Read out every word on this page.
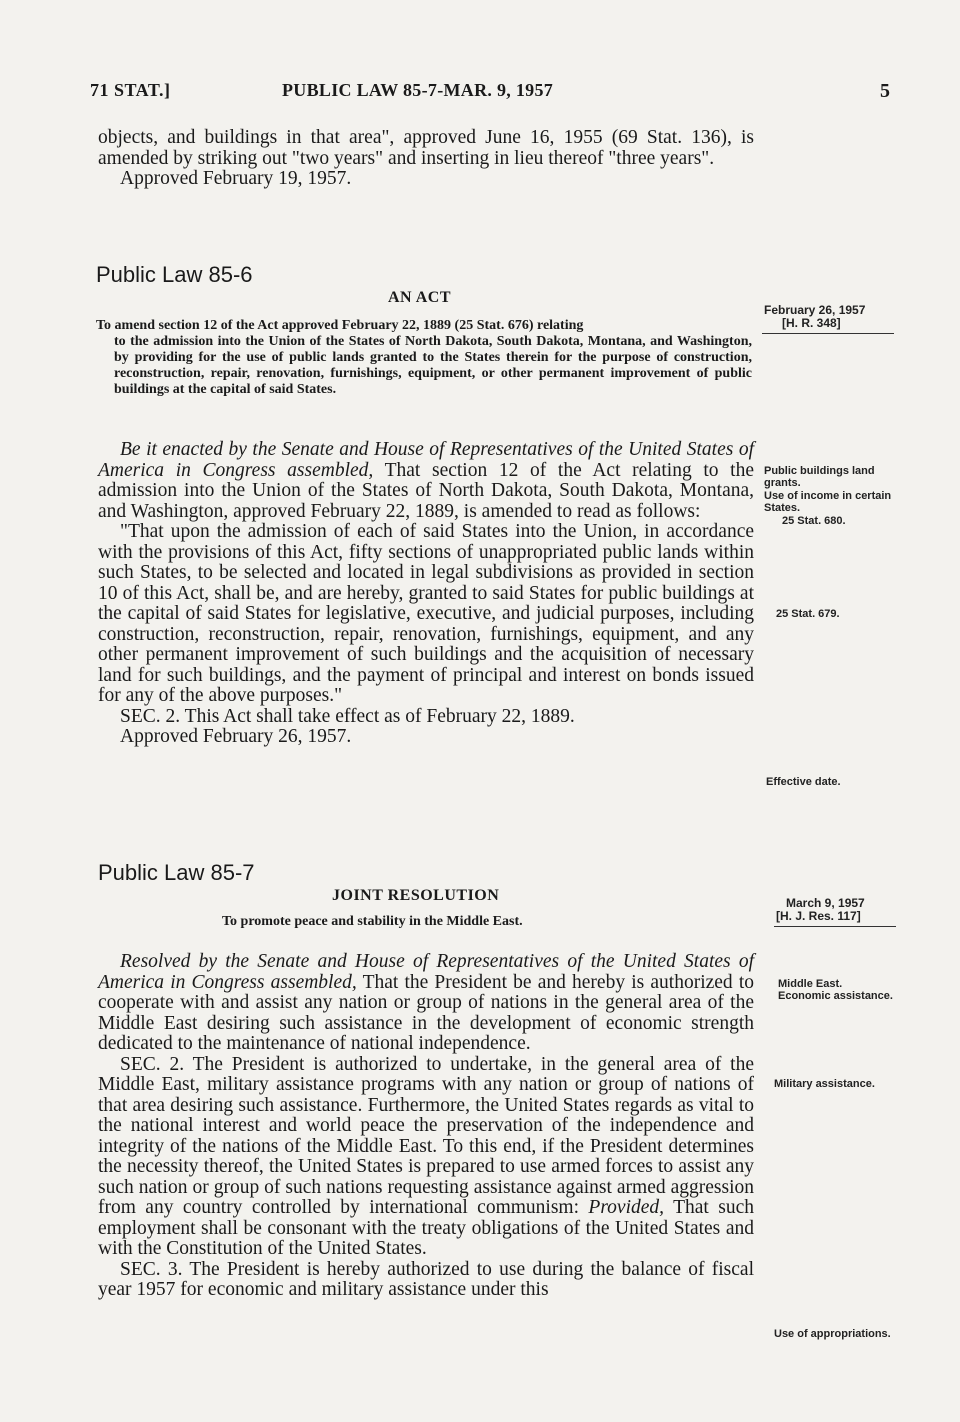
71 STAT.]	PUBLIC LAW 85-7-MAR. 9, 1957	5

objects, and buildings in that area", approved June 16, 1955 (69 Stat. 136), is amended by striking out "two years" and inserting in lieu thereof "three years".

Approved February 19, 1957.

Public Law 85-6
AN ACT
To amend section 12 of the Act approved February 22, 1889 (25 Stat. 676) relating
to the admission into the Union of the States of North Dakota, South Dakota, Montana, and Washington, by providing for the use of public lands granted to the States therein for the purpose of construction, reconstruction, repair, renovation, furnishings, equipment, or other permanent improvement of public buildings at the capital of said States.

Be it enacted by the Senate and House of Representatives of the United States of America in Congress assembled, That section 12 of the Act relating to the admission into the Union of the States of North Dakota, South Dakota, Montana, and Washington, approved February 22, 1889, is amended to read as follows:

"That upon the admission of each of said States into the Union, in accordance with the provisions of this Act, fifty sections of unappropriated public lands within such States, to be selected and located in legal subdivisions as provided in section 10 of this Act, shall be, and are hereby, granted to said States for public buildings at the capital of said States for legislative, executive, and judicial purposes, including construction, reconstruction, repair, renovation, furnishings, equipment, and any other permanent improvement of such buildings and the acquisition of necessary land for such buildings, and the payment of principal and interest on bonds issued for any of the above purposes."

SEC. 2. This Act shall take effect as of February 22, 1889.

Approved February 26, 1957.

Public Law 85-7
JOINT RESOLUTION
To promote peace and stability in the Middle East.

Resolved by the Senate and House of Representatives of the United States of America in Congress assembled, That the President be and hereby is authorized to cooperate with and assist any nation or group of nations in the general area of the Middle East desiring such assistance in the development of economic strength dedicated to the maintenance of national independence.

SEC. 2. The President is authorized to undertake, in the general area of the Middle East, military assistance programs with any nation or group of nations of that area desiring such assistance. Furthermore, the United States regards as vital to the national interest and world peace the preservation of the independence and integrity of the nations of the Middle East. To this end, if the President determines the necessity thereof, the United States is prepared to use armed forces to assist any such nation or group of such nations requesting assistance against armed aggression from any country controlled by international communism: Provided, That such employment shall be consonant with the treaty obligations of the United States and with the Constitution of the United States.

SEC. 3. The President is hereby authorized to use during the balance of fiscal year 1957 for economic and military assistance under this

February 26, 1957
[H. R. 348]
Public buildings land grants.
Use of income in certain States.
25 Stat. 680.
25 Stat. 679.
Effective date.
March 9, 1957
[H. J. Res. 117]
Middle East.
Economic assistance.
Military assistance.
Use of appropriations.
